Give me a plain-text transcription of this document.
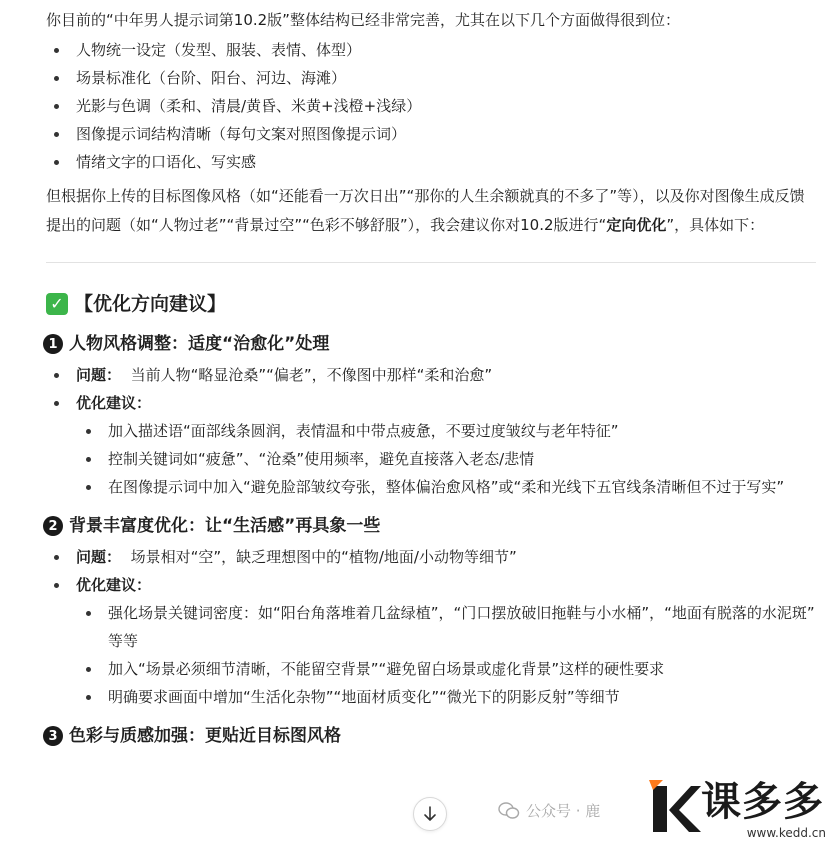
你目前的“中年男人提示词第10.2版”整体结构已经非常完善，尤其在以下几个方面做得很到位：

人物统一设定（发型、服装、表情、体型）
场景标准化（台阶、阳台、河边、海滩）
光影与色调（柔和、清晨/黄昏、米黄+浅橙+浅绿）
图像提示词结构清晰（每句文案对照图像提示词）
情绪文字的口语化、写实感

但根据你上传的目标图像风格（如“还能看一万次日出”“那你的人生余额就真的不多了”等），以及你对图像生成反馈提出的问题（如“人物过老”“背景过空”“色彩不够舒服”），我会建议你对10.2版进行“定向优化”，具体如下：

✓ 【优化方向建议】
1 人物风格调整：适度“治愈化”处理
问题： 当前人物“略显沧桑”“偏老”，不像图中那样“柔和治愈”
优化建议：
加入描述语“面部线条圆润，表情温和中带点疲惫，不要过度皱纹与老年特征”
控制关键词如“疲惫”、“沧桑”使用频率，避免直接落入老态/悲情
在图像提示词中加入“避免脸部皱纹夸张，整体偏治愈风格”或“柔和光线下五官线条清晰但不过于写实”
2 背景丰富度优化：让“生活感”再具象一些
问题： 场景相对“空”，缺乏理想图中的“植物/地面/小动物等细节”
优化建议：
强化场景关键词密度：如“阳台角落堆着几盆绿植”，“门口摆放破旧拖鞋与小水桶”，“地面有脱落的水泥斑” 等等
加入“场景必须细节清晰，不能留空背景”“避免留白场景或虚化背景”这样的硬性要求
明确要求画面中增加“生活化杂物”“地面材质变化”“微光下的阴影反射”等细节
3 色彩与质感加强：更贴近目标图风格
公众号 · 鹿	课多多
www.kedd.cn
